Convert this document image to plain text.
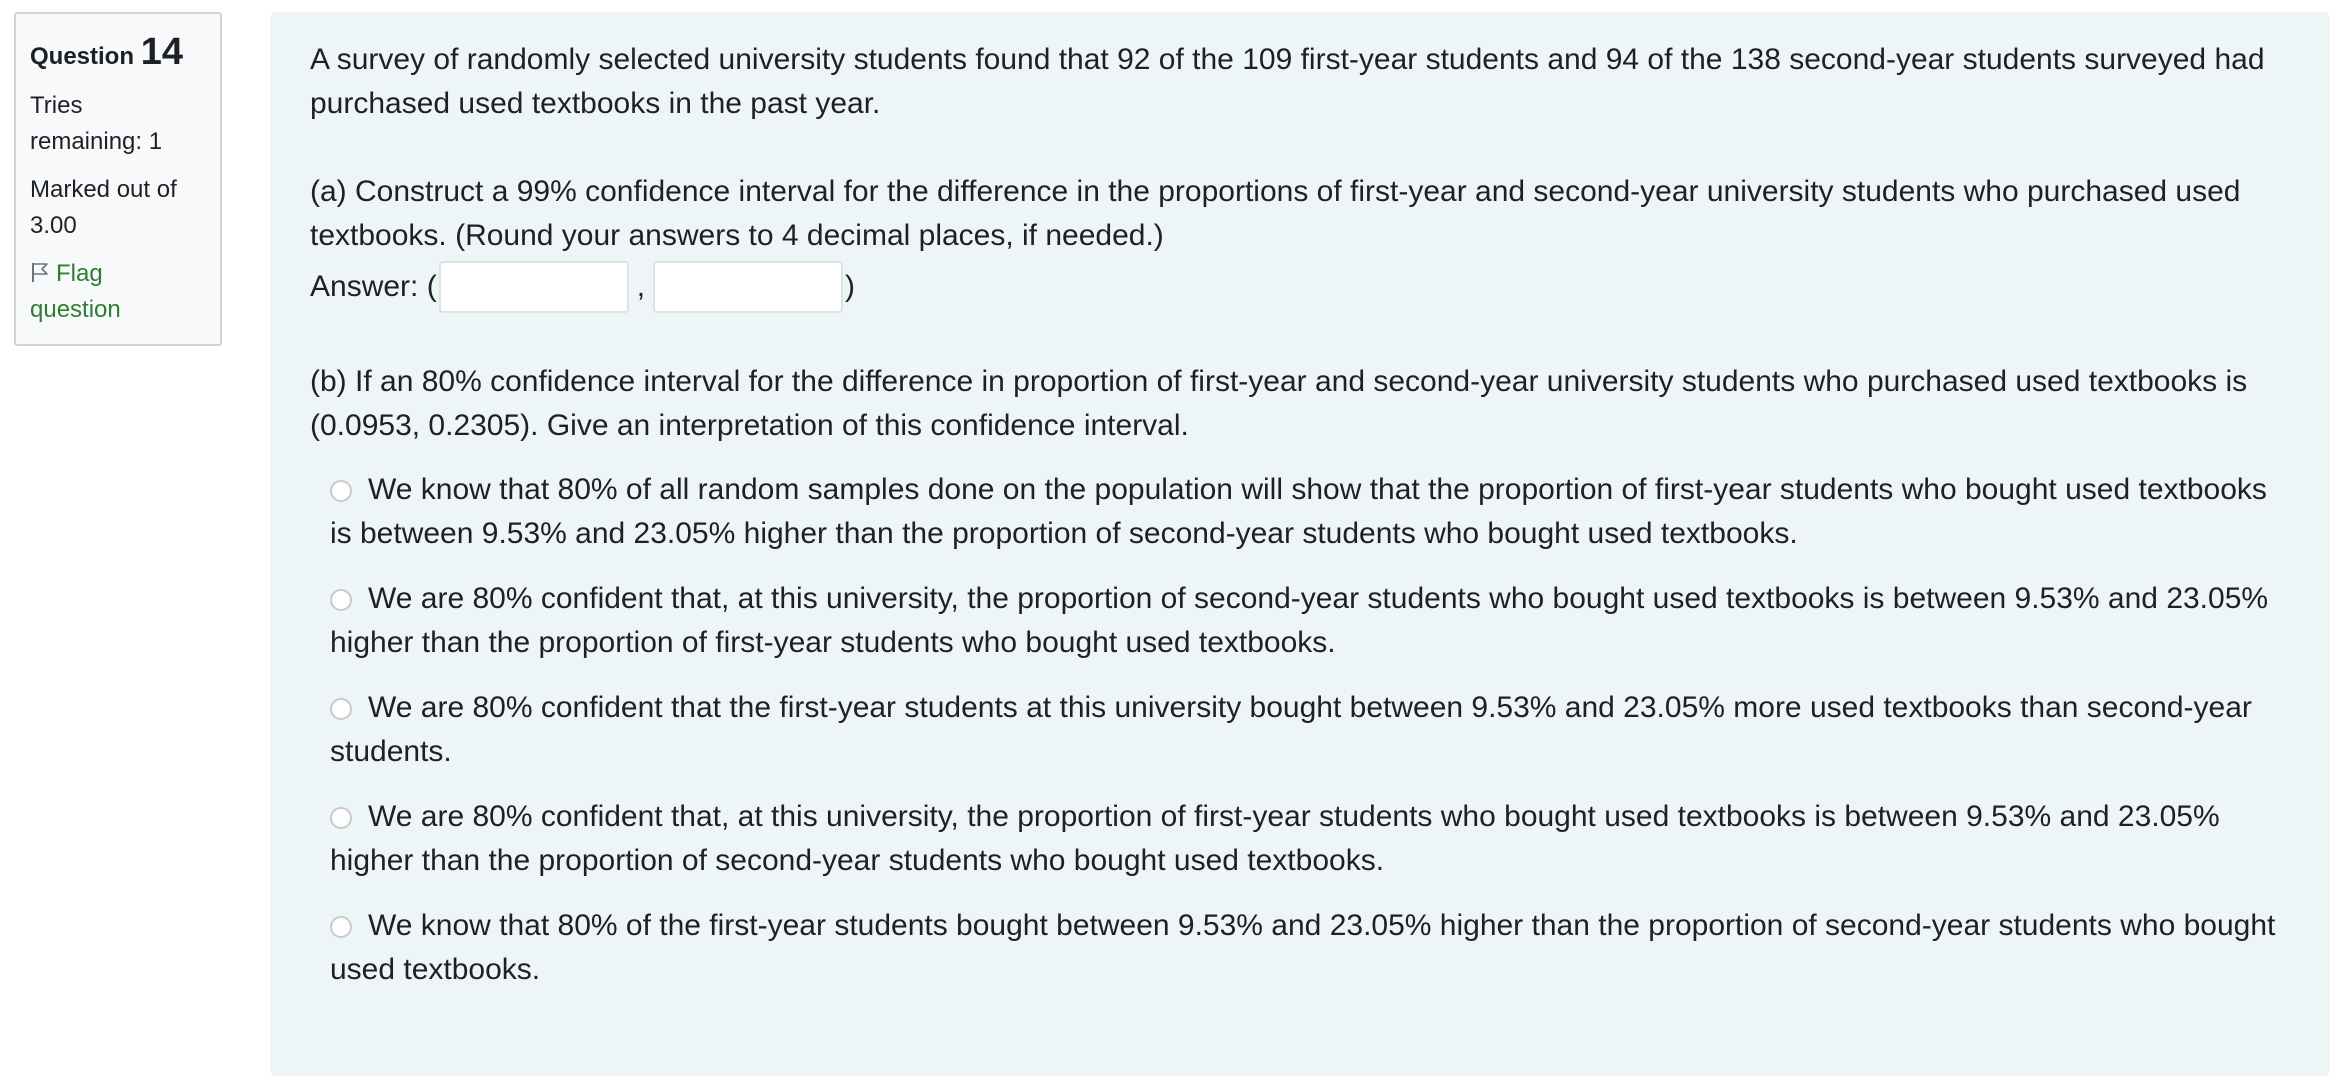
Question 14
Tries
remaining: 1
Marked out of
3.00
Flag
question

A survey of randomly selected university students found that 92 of the 109 first-year students and 94 of the 138 second-year students surveyed had purchased used textbooks in the past year.

(a) Construct a 99% confidence interval for the difference in the proportions of first-year and second-year university students who purchased used textbooks. (Round your answers to 4 decimal places, if needed.)

Answer: (	,	)

(b) If an 80% confidence interval for the difference in proportion of first-year and second-year university students who purchased used textbooks is (0.0953, 0.2305). Give an interpretation of this confidence interval.

We know that 80% of all random samples done on the population will show that the proportion of first-year students who bought used textbooks is between 9.53% and 23.05% higher than the proportion of second-year students who bought used textbooks.
We are 80% confident that, at this university, the proportion of second-year students who bought used textbooks is between 9.53% and 23.05% higher than the proportion of first-year students who bought used textbooks.
We are 80% confident that the first-year students at this university bought between 9.53% and 23.05% more used textbooks than second-year students.
We are 80% confident that, at this university, the proportion of first-year students who bought used textbooks is between 9.53% and 23.05% higher than the proportion of second-year students who bought used textbooks.
We know that 80% of the first-year students bought between 9.53% and 23.05% higher than the proportion of second-year students who bought used textbooks.
